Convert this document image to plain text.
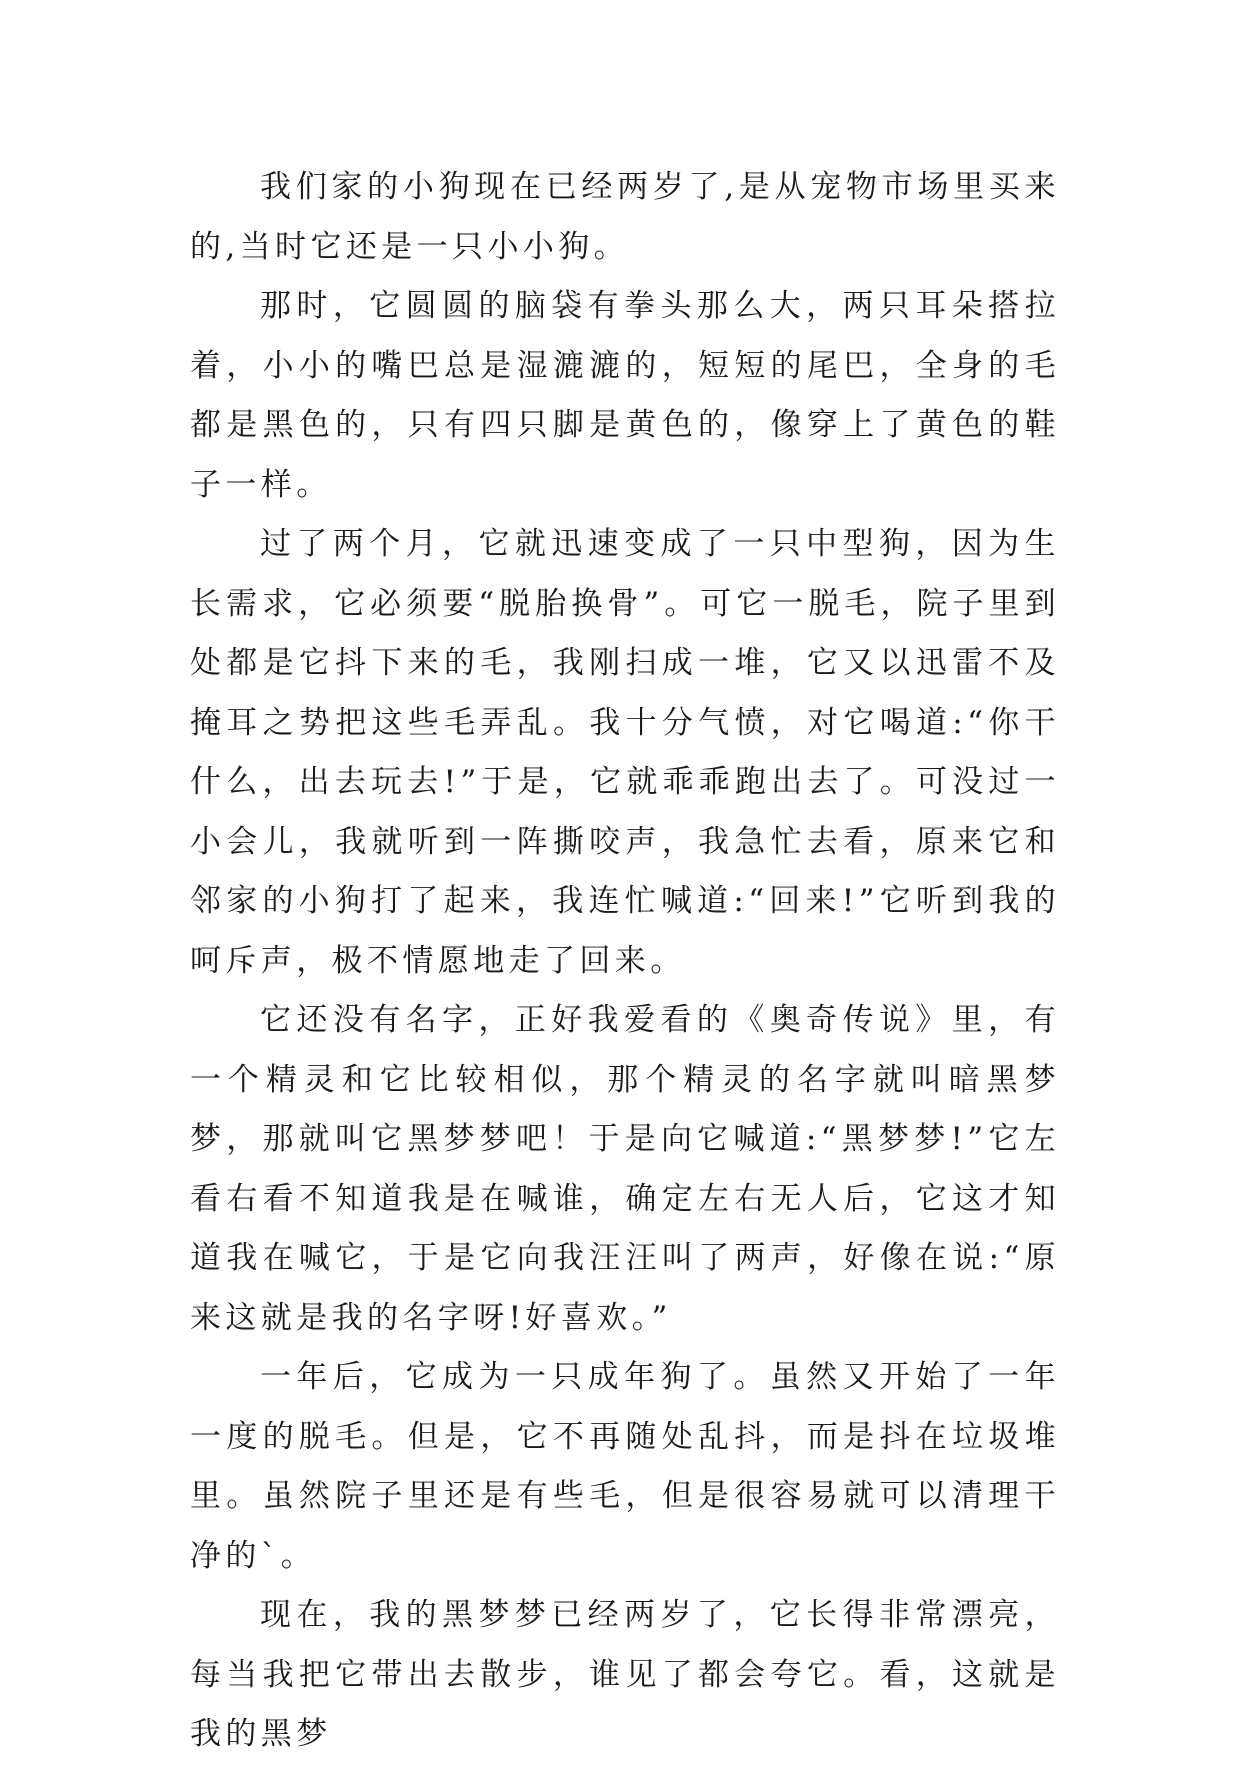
我们家的小狗现在已经两岁了,是从宠物市场里买来的,当时它还是一只小小狗。

那时，它圆圆的脑袋有拳头那么大，两只耳朵搭拉着，小小的嘴巴总是湿漉漉的，短短的尾巴，全身的毛都是黑色的，只有四只脚是黄色的，像穿上了黄色的鞋子一样。

过了两个月，它就迅速变成了一只中型狗，因为生长需求，它必须要“脱胎换骨”。可它一脱毛，院子里到处都是它抖下来的毛，我刚扫成一堆，它又以迅雷不及掩耳之势把这些毛弄乱。我十分气愤，对它喝道:“你干什么，出去玩去!”于是，它就乖乖跑出去了。可没过一小会儿，我就听到一阵撕咬声，我急忙去看，原来它和邻家的小狗打了起来，我连忙喊道:“回来!”它听到我的呵斥声，极不情愿地走了回来。

它还没有名字，正好我爱看的《奥奇传说》里，有一个精灵和它比较相似，那个精灵的名字就叫暗黑梦梦，那就叫它黑梦梦吧！于是向它喊道:“黑梦梦!”它左看右看不知道我是在喊谁，确定左右无人后，它这才知道我在喊它，于是它向我汪汪叫了两声，好像在说:“原来这就是我的名字呀!好喜欢。”

一年后，它成为一只成年狗了。虽然又开始了一年一度的脱毛。但是，它不再随处乱抖，而是抖在垃圾堆里。虽然院子里还是有些毛，但是很容易就可以清理干净的`。

现在，我的黑梦梦已经两岁了，它长得非常漂亮，每当我把它带出去散步，谁见了都会夸它。看，这就是我的黑梦
